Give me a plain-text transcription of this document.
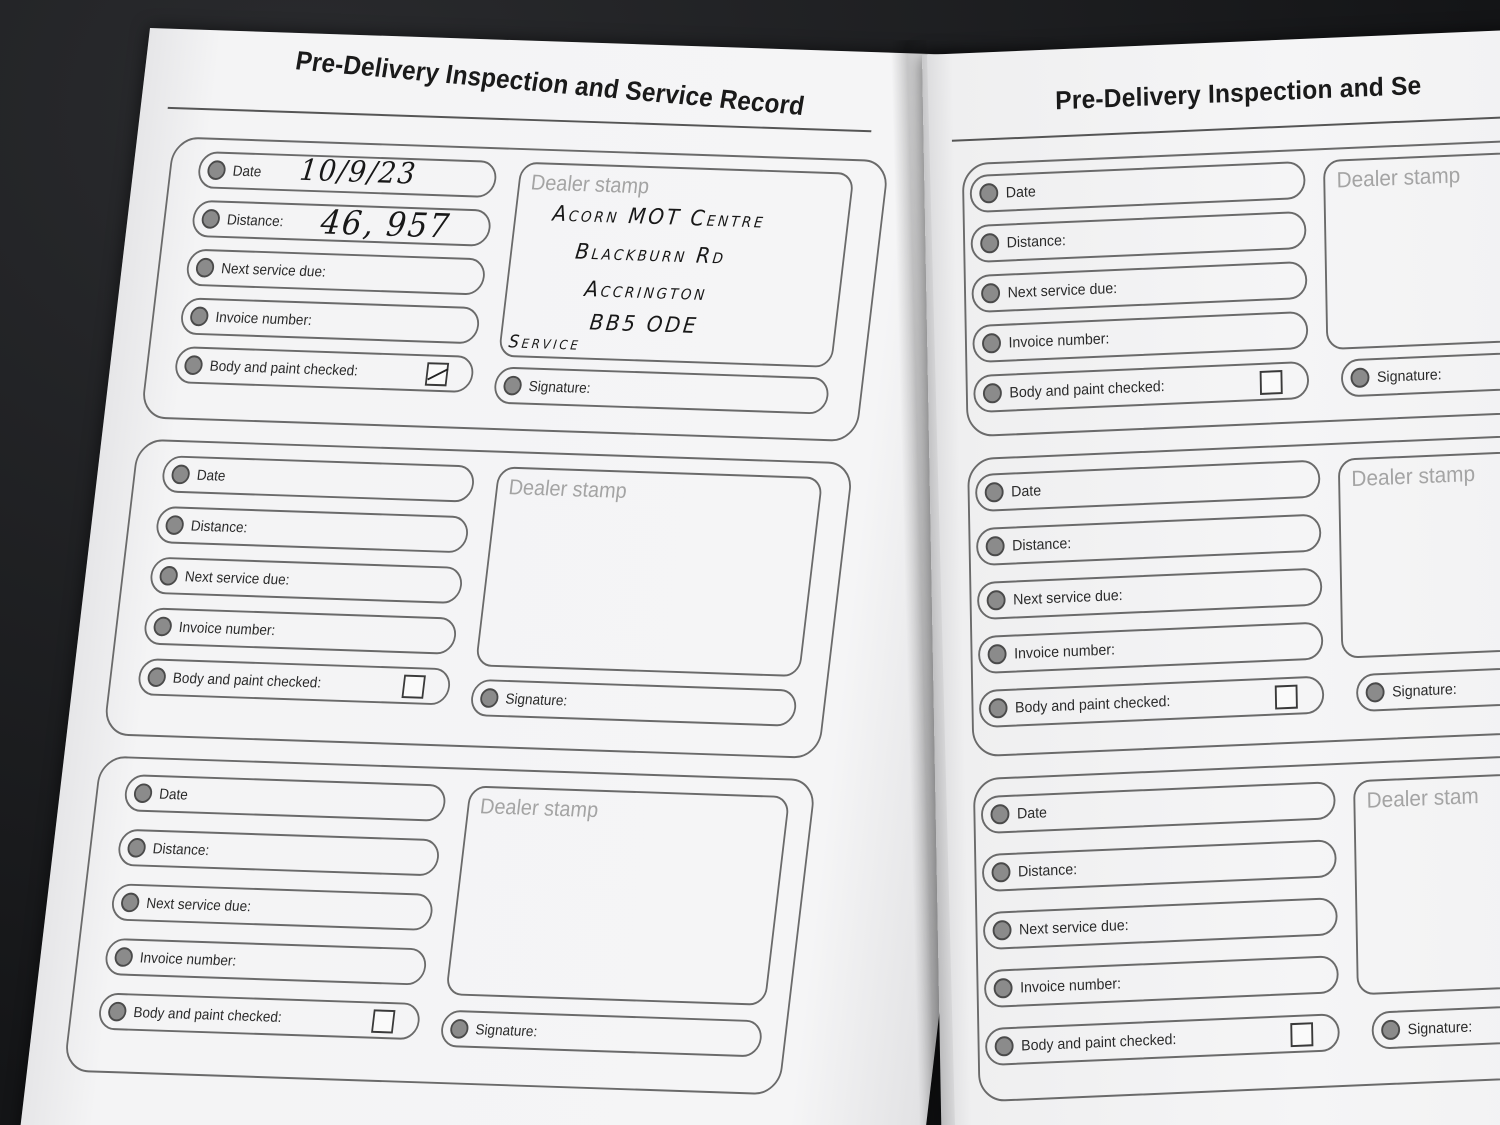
Pre-Delivery Inspection and Service Record
Date 10/9/23
Distance: 46, 957
Next service due:
Invoice number:
Body and paint checked:
Dealer stamp
Acorn MOT Centre
Blackburn Rd
Accrington
BB5 ODE
Service
Signature:
Date
Distance:
Next service due:
Invoice number:
Body and paint checked:
Dealer stamp
Signature:
Date
Distance:
Next service due:
Invoice number:
Body and paint checked:
Dealer stamp
Signature:
Pre-Delivery Inspection and Se
Date
Distance:
Next service due:
Invoice number:
Body and paint checked:
Dealer stamp
Signature:
Date
Distance:
Next service due:
Invoice number:
Body and paint checked:
Dealer stamp
Signature:
Date
Distance:
Next service due:
Invoice number:
Body and paint checked:
Dealer stam
Signature:
